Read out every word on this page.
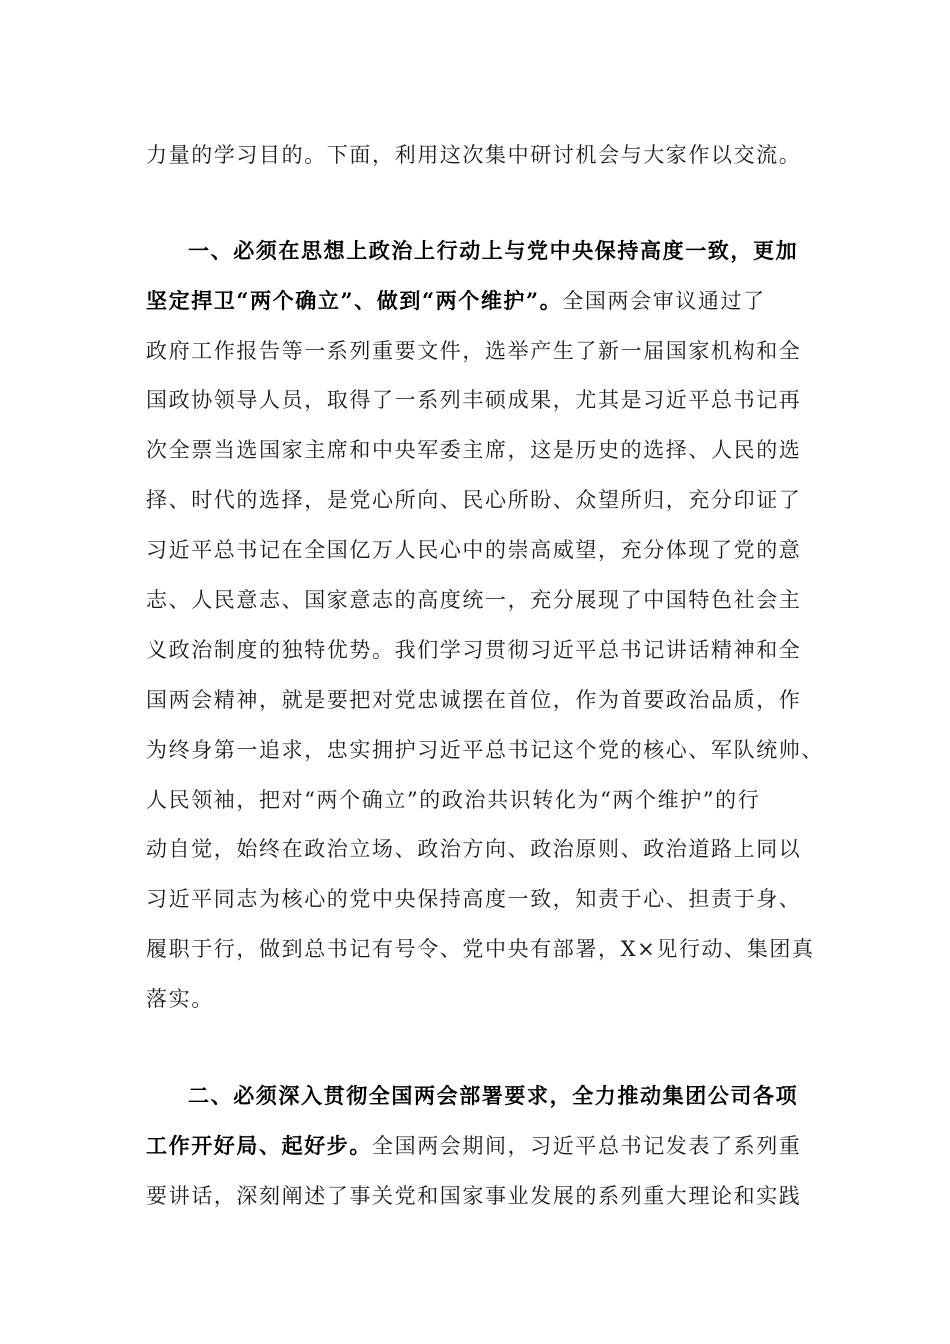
力量的学习目的。下面，利用这次集中研讨机会与大家作以交流。
一、必须在思想上政治上行动上与党中央保持高度一致，更加
坚定捍卫“两个确立”、做到“两个维护”。全国两会审议通过了
政府工作报告等一系列重要文件，选举产生了新一届国家机构和全
国政协领导人员，取得了一系列丰硕成果，尤其是习近平总书记再
次全票当选国家主席和中央军委主席，这是历史的选择、人民的选
择、时代的选择，是党心所向、民心所盼、众望所归，充分印证了
习近平总书记在全国亿万人民心中的崇高威望，充分体现了党的意
志、人民意志、国家意志的高度统一，充分展现了中国特色社会主
义政治制度的独特优势。我们学习贯彻习近平总书记讲话精神和全
国两会精神，就是要把对党忠诚摆在首位，作为首要政治品质，作
为终身第一追求，忠实拥护习近平总书记这个党的核心、军队统帅、
人民领袖，把对“两个确立”的政治共识转化为“两个维护”的行
动自觉，始终在政治立场、政治方向、政治原则、政治道路上同以
习近平同志为核心的党中央保持高度一致，知责于心、担责于身、
履职于行，做到总书记有号令、党中央有部署，X×见行动、集团真
落实。
二、必须深入贯彻全国两会部署要求，全力推动集团公司各项
工作开好局、起好步。全国两会期间，习近平总书记发表了系列重
要讲话，深刻阐述了事关党和国家事业发展的系列重大理论和实践
